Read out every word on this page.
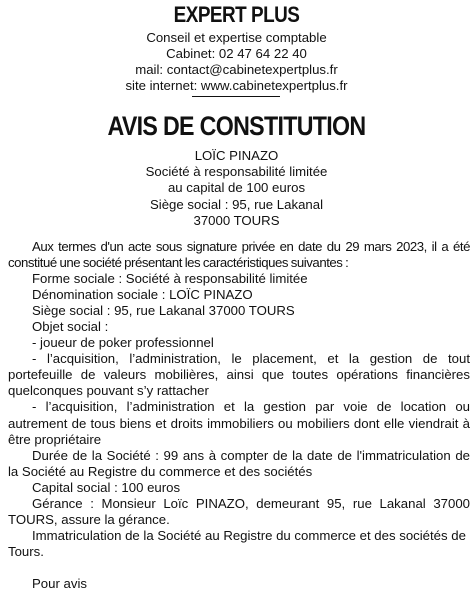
EXPERT PLUS
Conseil et expertise comptable
Cabinet: 02 47 64 22 40
mail: contact@cabinetexpertplus.fr
site internet: www.cabinetexpertplus.fr
AVIS DE CONSTITUTION
LOÏC PINAZO
Société à responsabilité limitée
au capital de 100 euros
Siège social : 95, rue Lakanal
37000 TOURS

Aux termes d'un acte sous signature privée en date du 29 mars 2023, il a été constitué une société présentant les caractéristiques suivantes :

Forme sociale : Société à responsabilité limitée

Dénomination sociale : LOÏC PINAZO

Siège social : 95, rue Lakanal 37000 TOURS

Objet social :

- joueur de poker professionnel

- l’acquisition, l’administration, le placement, et la gestion de tout portefeuille de valeurs mobilières, ainsi que toutes opérations financières quelconques pouvant s’y rattacher

- l’acquisition, l’administration et la gestion par voie de location ou autrement de tous biens et droits immobiliers ou mobiliers dont elle viendrait à être propriétaire

Durée de la Société : 99 ans à compter de la date de l'immatriculation de la Société au Registre du commerce et des sociétés

Capital social : 100 euros

Gérance : Monsieur Loïc PINAZO, demeurant 95, rue Lakanal 37000 TOURS, assure la gérance.

Immatriculation de la Société au Registre du commerce et des sociétés de Tours.

Pour avis
